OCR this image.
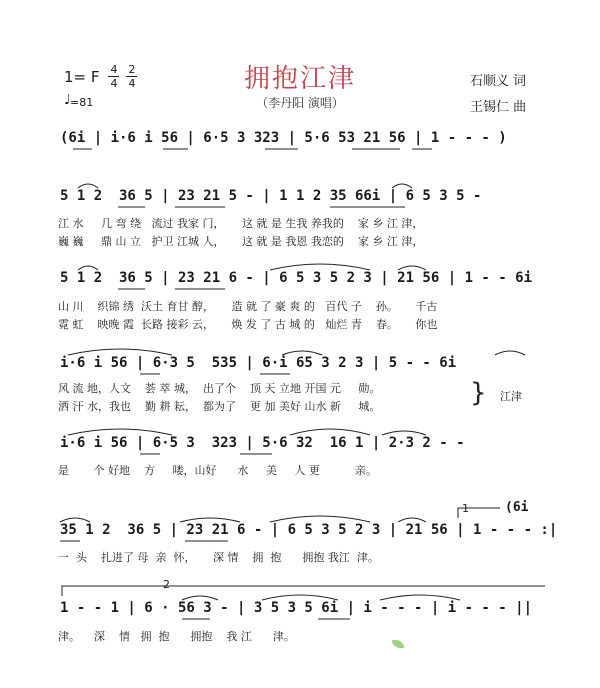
拥抱江津
（李丹阳 演唱）
1= F 4
4
2
4
♩ =81
石顺义 词
王锡仁 曲
(6i | i·6 i 56 | 6·5 3 323 | 5·6 53 21 56 | 1 - - - )
5 1 2  36 5 | 23 21 5 - | 1 1 2 35 66i | 6 5 3 5 -
江 水     几 弯 绕   流过 我家 门，     这 就 是 生我 养我的    家 乡 江 津，
巍 巍     鼎 山 立   护卫 江城 人，     这 就 是 我恩 我恋的    家 乡 江 津，
5 1 2  36 5 | 23 21 6 - | 6 5 3 5 2 3 | 21 56 | 1 - - 6i
山 川    织锦 绣  沃土 育甘 醇，     造 就 了 豪 爽 的   百代 子    孙。     千古
霓 虹    映晚 霞  长路 接彩 云，     焕 发 了 古 城 的   灿烂 青    春。     你也
i·6 i 56 | 6·3 5  535 | 6·i 65 3 2 3 | 5 - - 6i
风 流 地，人文    荟 萃 城，  出了个    顶 天 立地 开国 元     勋。
洒 汗 水，我也    勤 耕 耘，  都为了    更 加 美好 山水 新     城。	} 江津
i·6 i 56 | 6·5 3  323 | 5·6 32  16 1 | 2·3 2 - -
是       个 好地    方     喽，山好      水     美     人 更          亲。
1	(6i
35 1 2  36 5 | 23 21 6 - | 6 5 3 5 2 3 | 21 56 | 1 - - - :|
一  头    扎进了 母  亲  怀，     深 情    拥  抱      拥抱 我江  津。
2
1 - - 1 | 6 · 56 3 - | 3 5 3 5 6i | i - - - | i - - - ||
津。    深    情   拥  抱      拥抱    我 江      津。
